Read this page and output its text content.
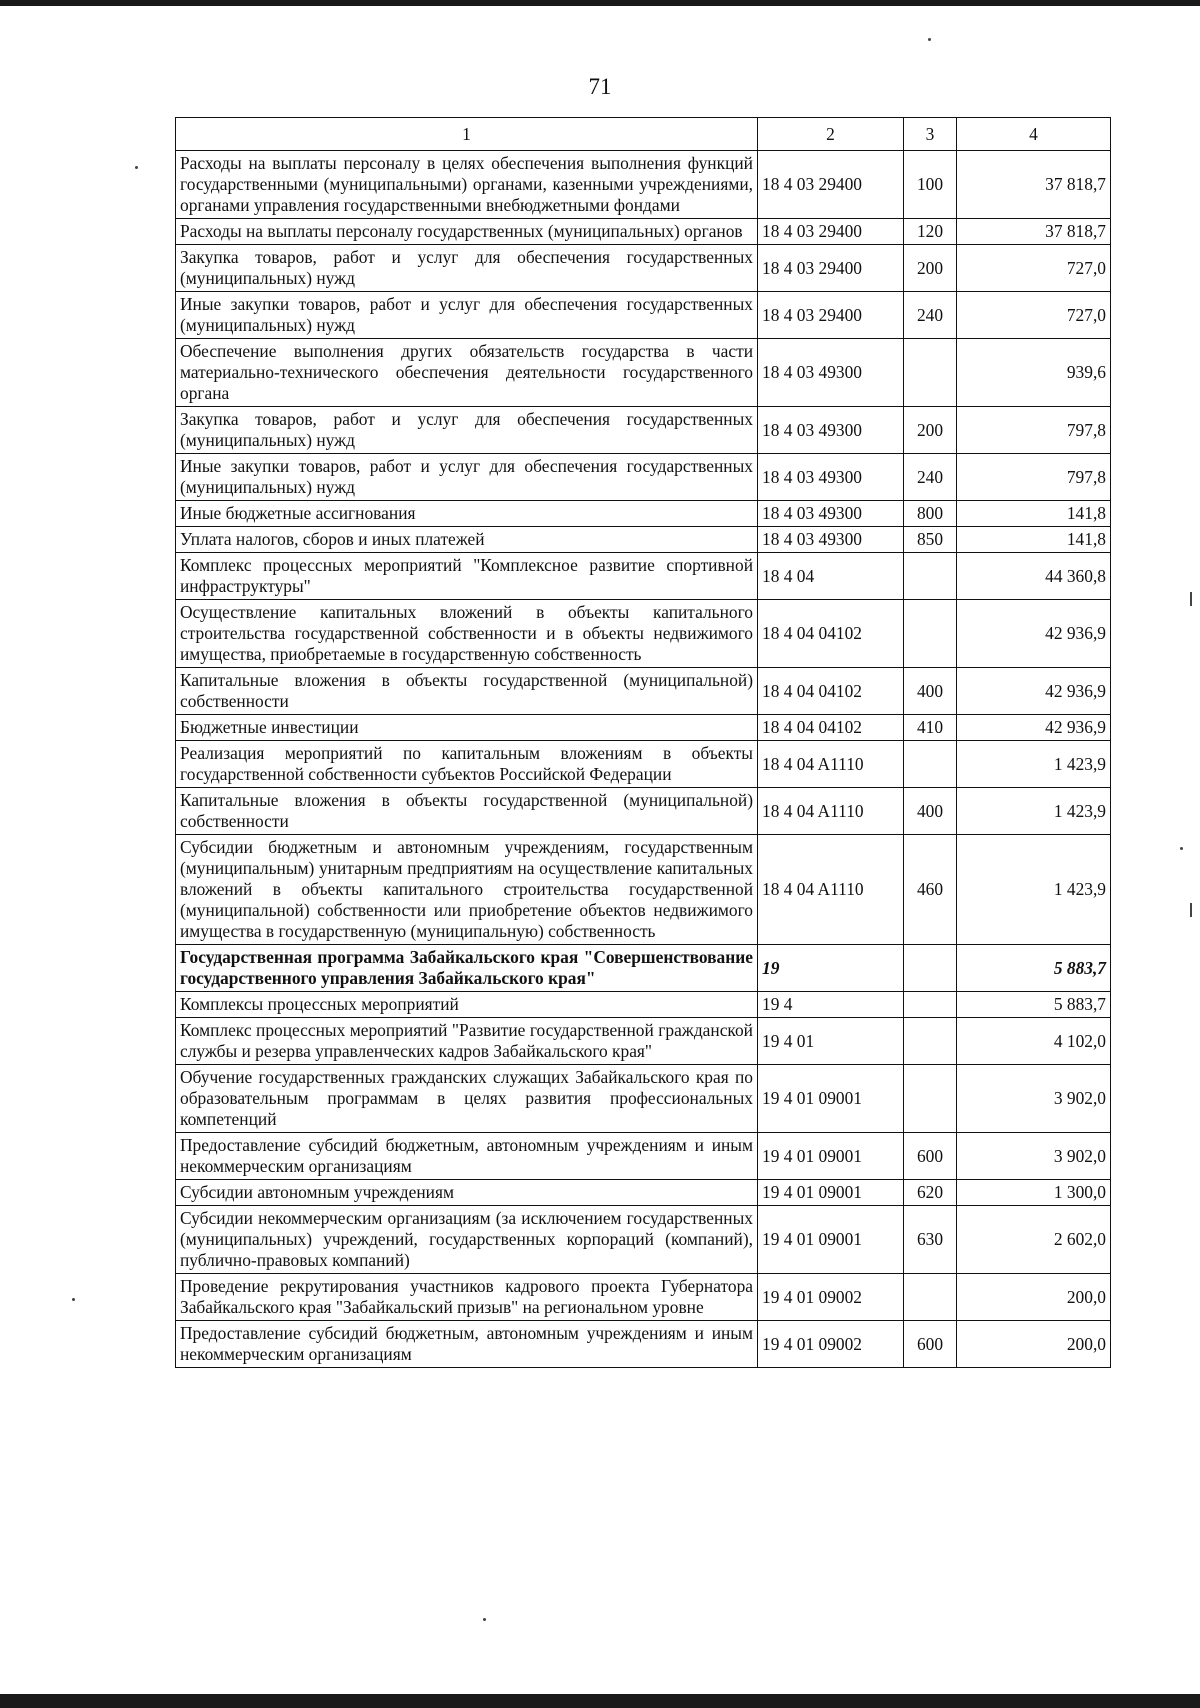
71
1	2	3	4
Расходы на выплаты персоналу в целях обеспечения выполнения функций государственными (муниципальными) органами, казенными учреждениями, органами управления государственными внебюджетными фондами	18 4 03 29400	100	37 818,7
Расходы на выплаты персоналу государственных (муниципальных) органов	18 4 03 29400	120	37 818,7
Закупка товаров, работ и услуг для обеспечения государственных (муниципальных) нужд	18 4 03 29400	200	727,0
Иные закупки товаров, работ и услуг для обеспечения государственных (муниципальных) нужд	18 4 03 29400	240	727,0
Обеспечение выполнения других обязательств государства в части материально-технического обеспечения деятельности государственного органа	18 4 03 49300		939,6
Закупка товаров, работ и услуг для обеспечения государственных (муниципальных) нужд	18 4 03 49300	200	797,8
Иные закупки товаров, работ и услуг для обеспечения государственных (муниципальных) нужд	18 4 03 49300	240	797,8
Иные бюджетные ассигнования	18 4 03 49300	800	141,8
Уплата налогов, сборов и иных платежей	18 4 03 49300	850	141,8
Комплекс процессных мероприятий "Комплексное развитие спортивной инфраструктуры"	18 4 04		44 360,8
Осуществление капитальных вложений в объекты капитального строительства государственной собственности и в объекты недвижимого имущества, приобретаемые в государственную собственность	18 4 04 04102		42 936,9
Капитальные вложения в объекты государственной (муниципальной) собственности	18 4 04 04102	400	42 936,9
Бюджетные инвестиции	18 4 04 04102	410	42 936,9
Реализация мероприятий по капитальным вложениям в объекты государственной собственности субъектов Российской Федерации	18 4 04 A1110		1 423,9
Капитальные вложения в объекты государственной (муниципальной) собственности	18 4 04 A1110	400	1 423,9
Субсидии бюджетным и автономным учреждениям, государственным (муниципальным) унитарным предприятиям на осуществление капитальных вложений в объекты капитального строительства государственной (муниципальной) собственности или приобретение объектов недвижимого имущества в государственную (муниципальную) собственность	18 4 04 A1110	460	1 423,9
Государственная программа Забайкальского края "Совершенствование государственного управления Забайкальского края"	19		5 883,7
Комплексы процессных мероприятий	19 4		5 883,7
Комплекс процессных мероприятий "Развитие государственной гражданской службы и резерва управленческих кадров Забайкальского края"	19 4 01		4 102,0
Обучение государственных гражданских служащих Забайкальского края по образовательным программам в целях развития профессиональных компетенций	19 4 01 09001		3 902,0
Предоставление субсидий бюджетным, автономным учреждениям и иным некоммерческим организациям	19 4 01 09001	600	3 902,0
Субсидии автономным учреждениям	19 4 01 09001	620	1 300,0
Субсидии некоммерческим организациям (за исключением государственных (муниципальных) учреждений, государственных корпораций (компаний), публично-правовых компаний)	19 4 01 09001	630	2 602,0
Проведение рекрутирования участников кадрового проекта Губернатора Забайкальского края "Забайкальский призыв" на региональном уровне	19 4 01 09002		200,0
Предоставление субсидий бюджетным, автономным учреждениям и иным некоммерческим организациям	19 4 01 09002	600	200,0
